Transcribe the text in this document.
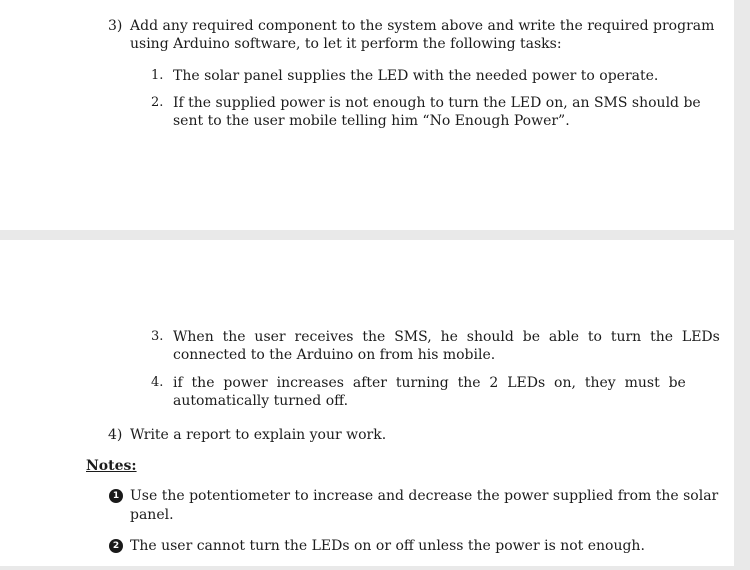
3) Add any required component to the system above and write the required program
using Arduino software, to let it perform the following tasks:
1. The solar panel supplies the LED with the needed power to operate.
2. If the supplied power is not enough to turn the LED on, an SMS should be
sent to the user mobile telling him “No Enough Power”.
3. When  the  user  receives  the  SMS,  he  should  be  able  to  turn  the  LEDs
connected to the Arduino on from his mobile.
4. if  the  power  increases  after  turning  the  2  LEDs  on,  they  must  be
automatically turned off.
4) Write a report to explain your work.
Notes:
1 Use the potentiometer to increase and decrease the power supplied from the solar
panel.
2 The user cannot turn the LEDs on or off unless the power is not enough.
